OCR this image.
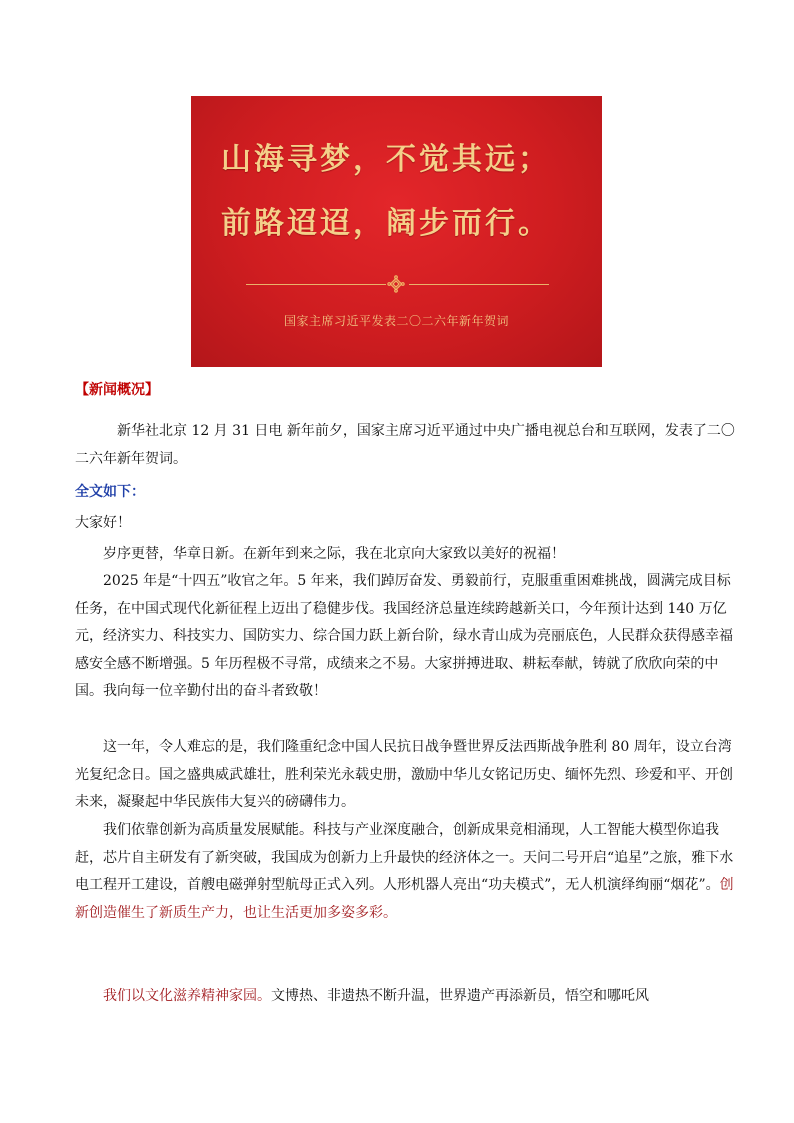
山海寻梦，不觉其远；
前路迢迢，阔步而行。
国家主席习近平发表二〇二六年新年贺词

【新闻概况】

新华社北京 12 月 31 日电 新年前夕，国家主席习近平通过中央广播电视总台和互联网，发表了二〇二六年新年贺词。

全文如下：

大家好！

岁序更替，华章日新。在新年到来之际，我在北京向大家致以美好的祝福！

2025 年是“十四五”收官之年。5 年来，我们踔厉奋发、勇毅前行，克服重重困难挑战，圆满完成目标任务，在中国式现代化新征程上迈出了稳健步伐。我国经济总量连续跨越新关口，今年预计达到 140 万亿元，经济实力、科技实力、国防实力、综合国力跃上新台阶，绿水青山成为亮丽底色，人民群众获得感幸福感安全感不断增强。5 年历程极不寻常，成绩来之不易。大家拼搏进取、耕耘奉献，铸就了欣欣向荣的中国。我向每一位辛勤付出的奋斗者致敬！

这一年，令人难忘的是，我们隆重纪念中国人民抗日战争暨世界反法西斯战争胜利 80 周年，设立台湾光复纪念日。国之盛典威武雄壮，胜利荣光永载史册，激励中华儿女铭记历史、缅怀先烈、珍爱和平、开创未来，凝聚起中华民族伟大复兴的磅礴伟力。

我们依靠创新为高质量发展赋能。科技与产业深度融合，创新成果竞相涌现，人工智能大模型你追我赶，芯片自主研发有了新突破，我国成为创新力上升最快的经济体之一。天问二号开启“追星”之旅，雅下水电工程开工建设，首艘电磁弹射型航母正式入列。人形机器人亮出“功夫模式”，无人机演绎绚丽“烟花”。创新创造催生了新质生产力，也让生活更加多姿多彩。

我们以文化滋养精神家园。文博热、非遗热不断升温，世界遗产再添新员，悟空和哪吒风
